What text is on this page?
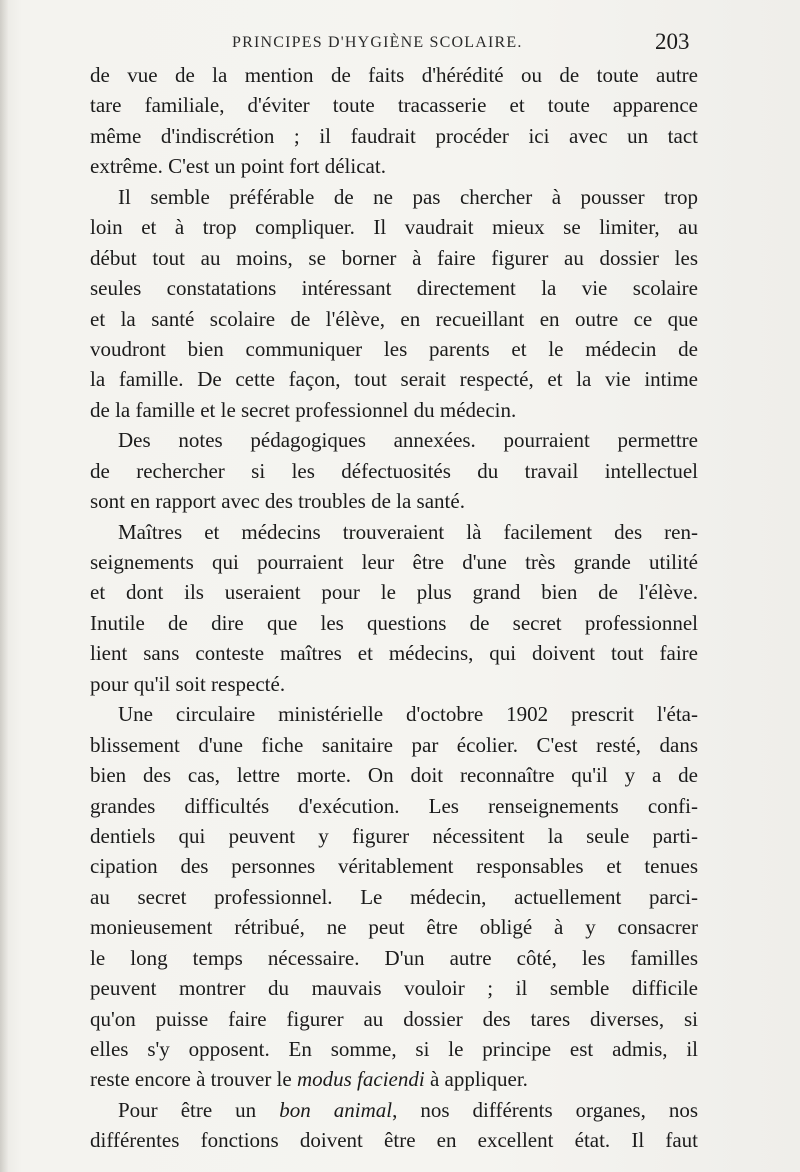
PRINCIPES D'HYGIÈNE SCOLAIRE.	203
de vue de la mention de faits d'hérédité ou de toute autre
tare familiale, d'éviter toute tracasserie et toute apparence
même d'indiscrétion ; il faudrait procéder ici avec un tact
extrême. C'est un point fort délicat.
Il semble préférable de ne pas chercher à pousser trop
loin et à trop compliquer. Il vaudrait mieux se limiter, au
début tout au moins, se borner à faire figurer au dossier les
seules constatations intéressant directement la vie scolaire
et la santé scolaire de l'élève, en recueillant en outre ce que
voudront bien communiquer les parents et le médecin de
la famille. De cette façon, tout serait respecté, et la vie intime
de la famille et le secret professionnel du médecin.
Des notes pédagogiques annexées. pourraient permettre
de rechercher si les défectuosités du travail intellectuel
sont en rapport avec des troubles de la santé.
Maîtres et médecins trouveraient là facilement des ren-
seignements qui pourraient leur être d'une très grande utilité
et dont ils useraient pour le plus grand bien de l'élève.
Inutile de dire que les questions de secret professionnel
lient sans conteste maîtres et médecins, qui doivent tout faire
pour qu'il soit respecté.
Une circulaire ministérielle d'octobre 1902 prescrit l'éta-
blissement d'une fiche sanitaire par écolier. C'est resté, dans
bien des cas, lettre morte. On doit reconnaître qu'il y a de
grandes difficultés d'exécution. Les renseignements confi-
dentiels qui peuvent y figurer nécessitent la seule parti-
cipation des personnes véritablement responsables et tenues
au secret professionnel. Le médecin, actuellement parci-
monieusement rétribué, ne peut être obligé à y consacrer
le long temps nécessaire. D'un autre côté, les familles
peuvent montrer du mauvais vouloir ; il semble difficile
qu'on puisse faire figurer au dossier des tares diverses, si
elles s'y opposent. En somme, si le principe est admis, il
reste encore à trouver le modus faciendi à appliquer.
Pour être un bon animal, nos différents organes, nos
différentes fonctions doivent être en excellent état. Il faut
